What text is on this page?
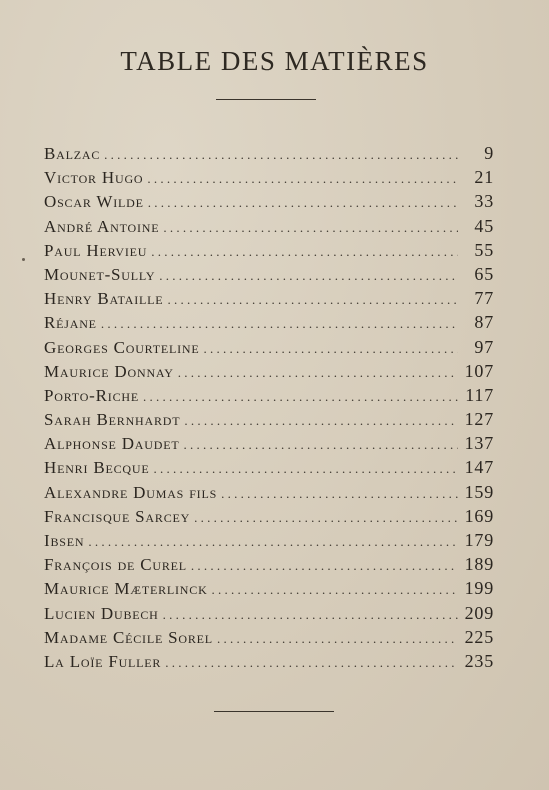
TABLE DES MATIÈRES
Balzac . . .	9
Victor Hugo . . .	21
Oscar Wilde . . .	33
André Antoine . . .	45
Paul Hervieu . . .	55
Mounet-Sully . . .	65
Henry Bataille . . .	77
Réjane . . .	87
Georges Courteline . . .	97
Maurice Donnay . . .	107
Porto-Riche . . .	117
Sarah Bernhardt . . .	127
Alphonse Daudet . . .	137
Henri Becque . . .	147
Alexandre Dumas fils . . .	159
Francisque Sarcey . . .	169
Ibsen . . .	179
François de Curel . . .	189
Maurice Mæterlinck . . .	199
Lucien Dubech . . .	209
Madame Cécile Sorel . . .	225
La Loïe Fuller . . .	235
